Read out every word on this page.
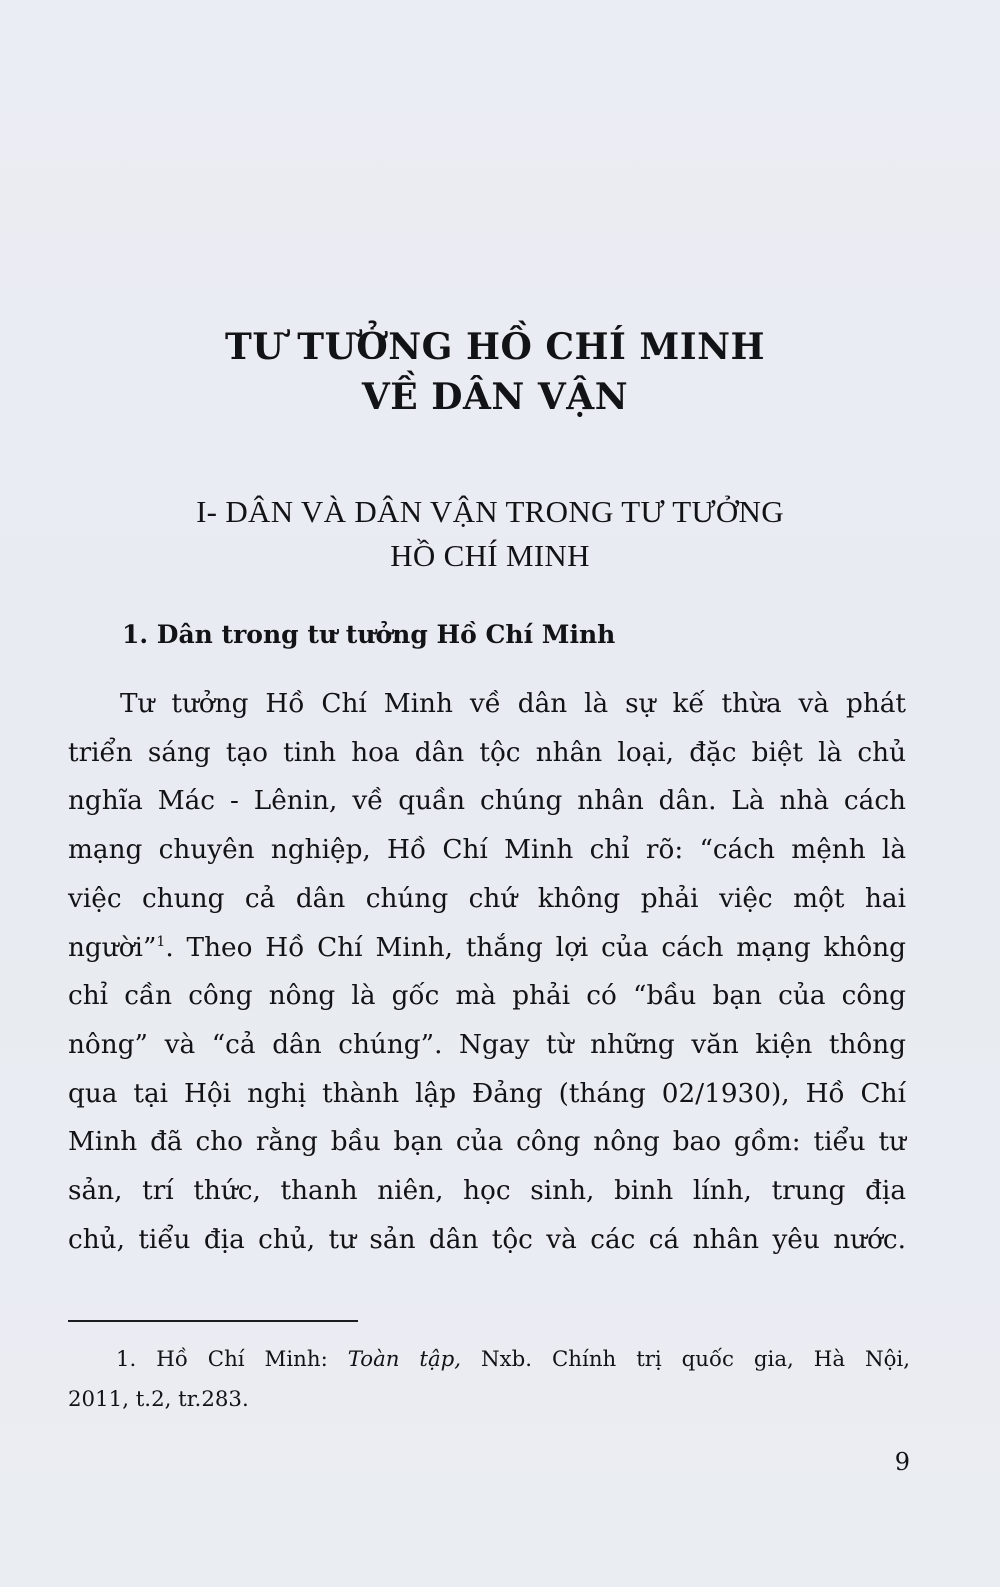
TƯ TƯỞNG HỒ CHÍ MINH
VỀ DÂN VẬN
I- DÂN VÀ DÂN VẬN TRONG TƯ TƯỞNG
HỒ CHÍ MINH
1. Dân trong tư tưởng Hồ Chí Minh
Tư tưởng Hồ Chí Minh về dân là sự kế thừa và phát
triển sáng tạo tinh hoa dân tộc nhân loại, đặc biệt là chủ
nghĩa Mác - Lênin, về quần chúng nhân dân. Là nhà cách
mạng chuyên nghiệp, Hồ Chí Minh chỉ rõ: “cách mệnh là
việc chung cả dân chúng chứ không phải việc một hai
người”$^1$. Theo Hồ Chí Minh, thắng lợi của cách mạng không
chỉ cần công nông là gốc mà phải có “bầu bạn của công
nông” và “cả dân chúng”. Ngay từ những văn kiện thông
qua tại Hội nghị thành lập Đảng (tháng 02/1930), Hồ Chí
Minh đã cho rằng bầu bạn của công nông bao gồm: tiểu tư
sản, trí thức, thanh niên, học sinh, binh lính, trung địa
chủ, tiểu địa chủ, tư sản dân tộc và các cá nhân yêu nước.
1. Hồ Chí Minh: Toàn tập, Nxb. Chính trị quốc gia, Hà Nội,
2011, t.2, tr.283.
9
